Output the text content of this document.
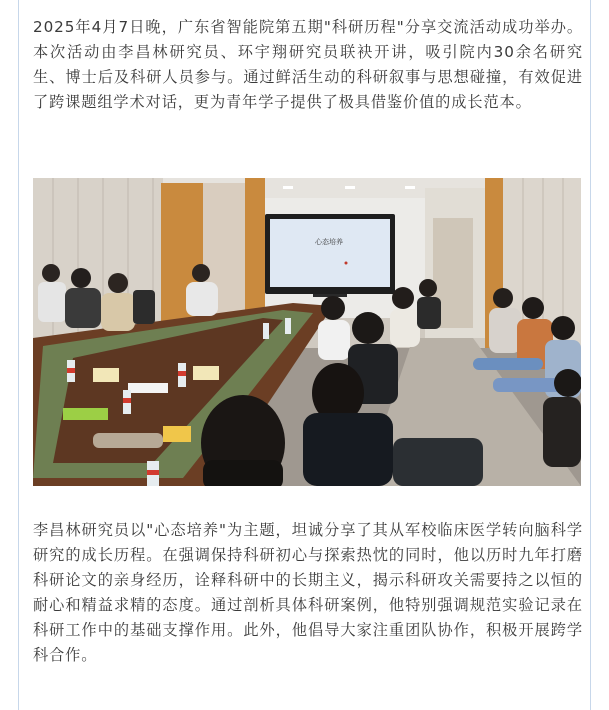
2025年4月7日晚，广东省智能院第五期"科研历程"分享交流活动成功举办。本次活动由李昌林研究员、环宇翔研究员联袂开讲，吸引院内30余名研究生、博士后及科研人员参与。通过鲜活生动的科研叙事与思想碰撞，有效促进了跨课题组学术对话，更为青年学子提供了极具借鉴价值的成长范本。

心态培养

李昌林研究员以"心态培养"为主题，坦诚分享了其从军校临床医学转向脑科学研究的成长历程。在强调保持科研初心与探索热忱的同时，他以历时九年打磨科研论文的亲身经历，诠释科研中的长期主义，揭示科研攻关需要持之以恒的耐心和精益求精的态度。通过剖析具体科研案例，他特别强调规范实验记录在科研工作中的基础支撑作用。此外，他倡导大家注重团队协作，积极开展跨学科合作。
